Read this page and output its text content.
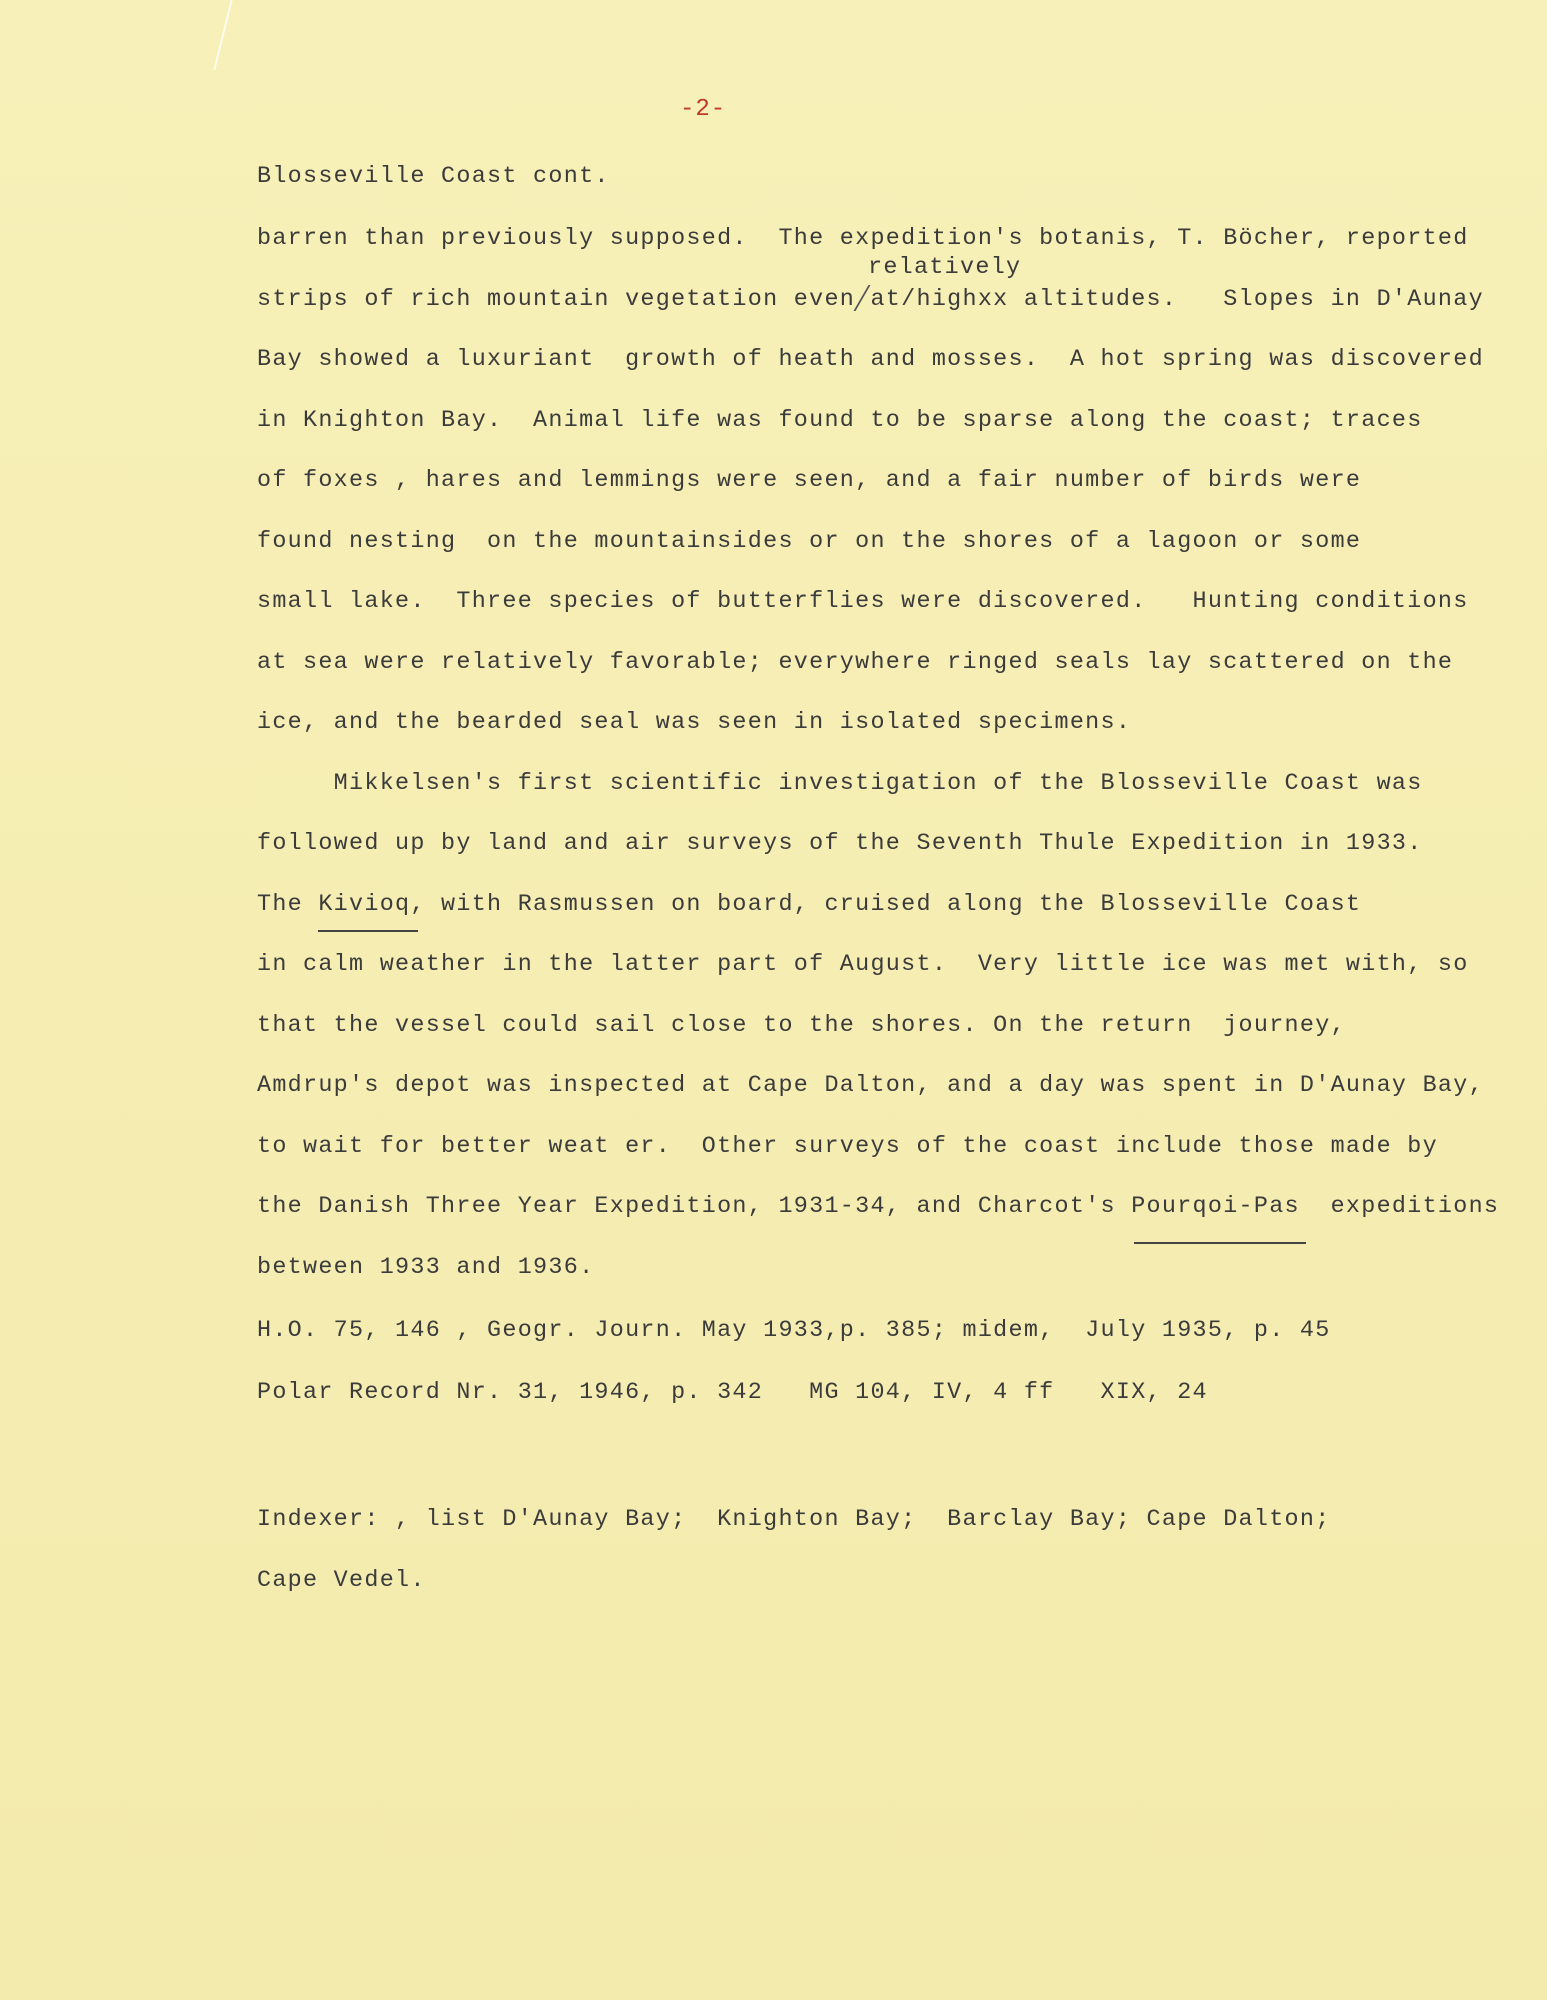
-2-
Blosseville Coast cont.
relatively
barren than previously supposed.  The expedition's botanis, T. Böcher, reported
strips of rich mountain vegetation even at/highxx altitudes.   Slopes in D'Aunay
Bay showed a luxuriant  growth of heath and mosses.  A hot spring was discovered
in Knighton Bay.  Animal life was found to be sparse along the coast; traces
of foxes , hares and lemmings were seen, and a fair number of birds were
found nesting  on the mountainsides or on the shores of a lagoon or some
small lake.  Three species of butterflies were discovered.   Hunting conditions
at sea were relatively favorable; everywhere ringed seals lay scattered on the
ice, and the bearded seal was seen in isolated specimens.
Mikkelsen's first scientific investigation of the Blosseville Coast was
followed up by land and air surveys of the Seventh Thule Expedition in 1933.
The Kivioq, with Rasmussen on board, cruised along the Blosseville Coast
in calm weather in the latter part of August.  Very little ice was met with, so
that the vessel could sail close to the shores. On the return  journey,
Amdrup's depot was inspected at Cape Dalton, and a day was spent in D'Aunay Bay,
to wait for better weat er.  Other surveys of the coast include those made by
the Danish Three Year Expedition, 1931-34, and Charcot's Pourqoi-Pas  expeditions
between 1933 and 1936.
H.O. 75, 146 , Geogr. Journ. May 1933,p. 385; midem,  July 1935, p. 45
Polar Record Nr. 31, 1946, p. 342   MG 104, IV, 4 ff   XIX, 24
Indexer: , list D'Aunay Bay;  Knighton Bay;  Barclay Bay; Cape Dalton;
Cape Vedel.
